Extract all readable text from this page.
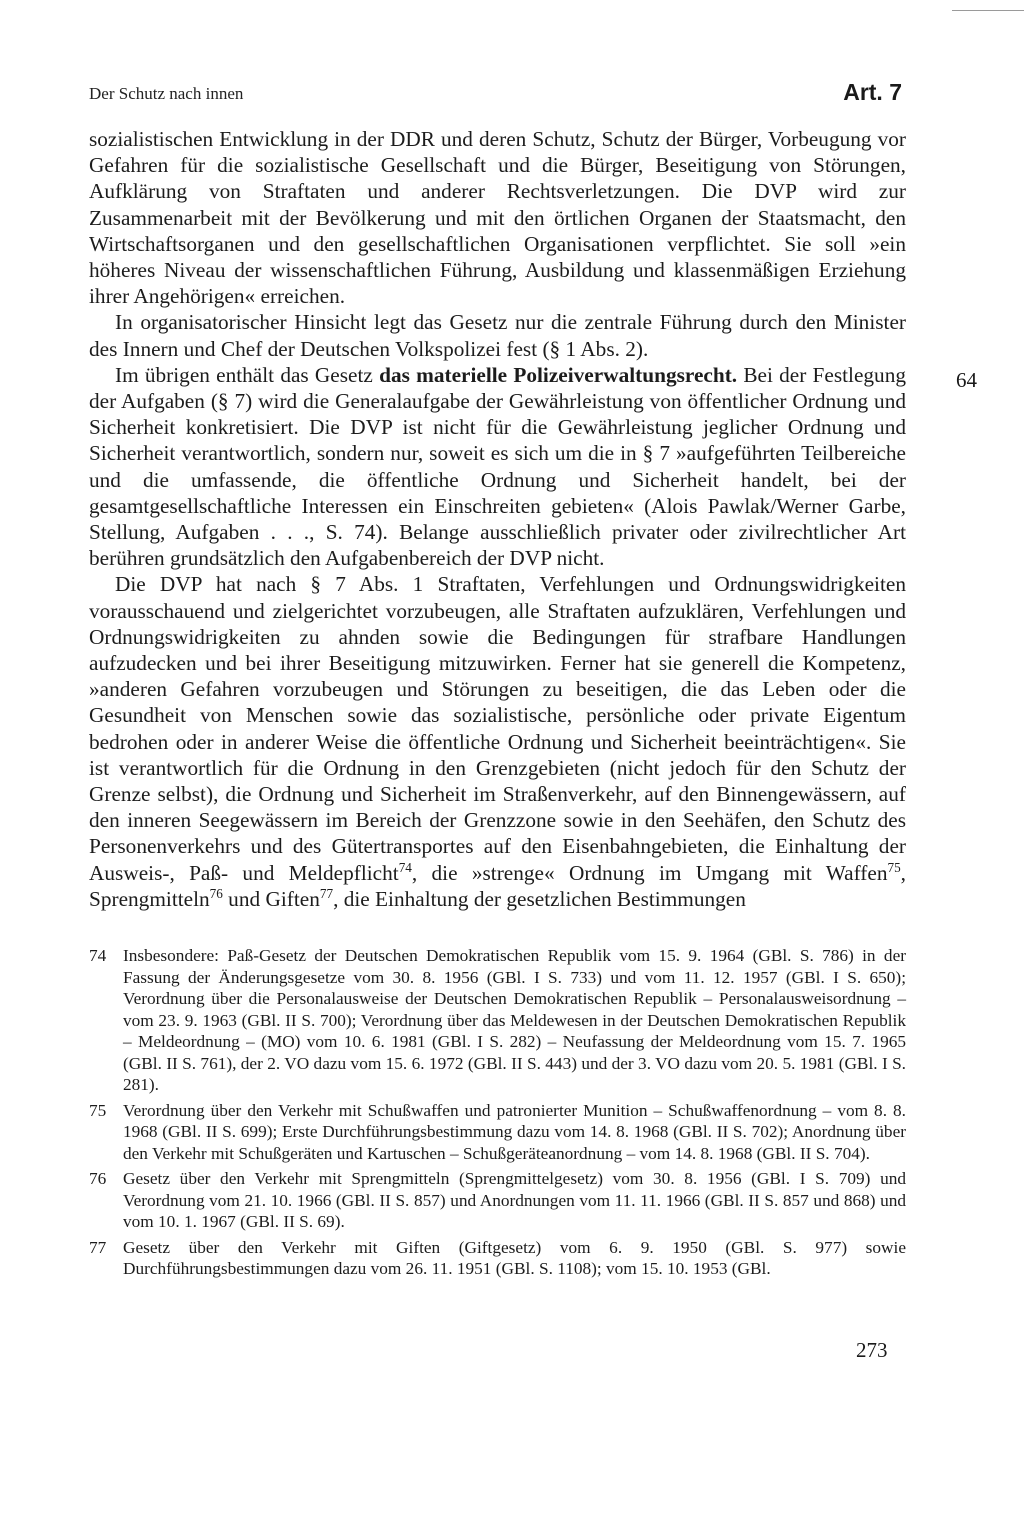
Der Schutz nach innen	Art. 7
64

sozialistischen Entwicklung in der DDR und deren Schutz, Schutz der Bürger, Vorbeugung vor Gefahren für die sozialistische Gesellschaft und die Bürger, Beseitigung von Störungen, Aufklärung von Straftaten und anderer Rechtsverletzungen. Die DVP wird zur Zusammenarbeit mit der Bevölkerung und mit den örtlichen Organen der Staatsmacht, den Wirtschaftsorganen und den gesellschaftlichen Organisationen verpflichtet. Sie soll »ein höheres Niveau der wissenschaftlichen Führung, Ausbildung und klassenmäßigen Erziehung ihrer Angehörigen« erreichen.

In organisatorischer Hinsicht legt das Gesetz nur die zentrale Führung durch den Minister des Innern und Chef der Deutschen Volkspolizei fest (§ 1 Abs. 2).

Im übrigen enthält das Gesetz das materielle Polizeiverwaltungsrecht. Bei der Festlegung der Aufgaben (§ 7) wird die Generalaufgabe der Gewährleistung von öffentlicher Ordnung und Sicherheit konkretisiert. Die DVP ist nicht für die Gewährleistung jeglicher Ordnung und Sicherheit verantwortlich, sondern nur, soweit es sich um die in § 7 »aufgeführten Teilbereiche und die umfassende, die öffentliche Ordnung und Sicherheit handelt, bei der gesamtgesellschaftliche Interessen ein Einschreiten gebieten« (Alois Pawlak/Werner Garbe, Stellung, Aufgaben . . ., S. 74). Belange ausschließlich privater oder zivilrechtlicher Art berühren grundsätzlich den Aufgabenbereich der DVP nicht.

Die DVP hat nach § 7 Abs. 1 Straftaten, Verfehlungen und Ordnungswidrigkeiten vorausschauend und zielgerichtet vorzubeugen, alle Straftaten aufzuklären, Verfehlungen und Ordnungswidrigkeiten zu ahnden sowie die Bedingungen für strafbare Handlungen aufzudecken und bei ihrer Beseitigung mitzuwirken. Ferner hat sie generell die Kompetenz, »anderen Gefahren vorzubeugen und Störungen zu beseitigen, die das Leben oder die Gesundheit von Menschen sowie das sozialistische, persönliche oder private Eigentum bedrohen oder in anderer Weise die öffentliche Ordnung und Sicherheit beeinträchtigen«. Sie ist verantwortlich für die Ordnung in den Grenzgebieten (nicht jedoch für den Schutz der Grenze selbst), die Ordnung und Sicherheit im Straßenverkehr, auf den Binnengewässern, auf den inneren Seegewässern im Bereich der Grenzzone sowie in den Seehäfen, den Schutz des Personenverkehrs und des Gütertransportes auf den Eisenbahngebieten, die Einhaltung der Ausweis-, Paß- und Meldepflicht$^{74}$, die »strenge« Ordnung im Umgang mit Waffen$^{75}$, Sprengmitteln$^{76}$ und Giften$^{77}$, die Einhaltung der gesetzlichen Bestimmungen

74 Insbesondere: Paß-Gesetz der Deutschen Demokratischen Republik vom 15. 9. 1964 (GBl. S. 786) in der Fassung der Änderungsgesetze vom 30. 8. 1956 (GBl. I S. 733) und vom 11. 12. 1957 (GBl. I S. 650); Verordnung über die Personalausweise der Deutschen Demokratischen Republik – Personalausweisordnung – vom 23. 9. 1963 (GBl. II S. 700); Verordnung über das Meldewesen in der Deutschen Demokratischen Republik – Meldeordnung – (MO) vom 10. 6. 1981 (GBl. I S. 282) – Neufassung der Meldeordnung vom 15. 7. 1965 (GBl. II S. 761), der 2. VO dazu vom 15. 6. 1972 (GBl. II S. 443) und der 3. VO dazu vom 20. 5. 1981 (GBl. I S. 281).
75 Verordnung über den Verkehr mit Schußwaffen und patronierter Munition – Schußwaffenordnung – vom 8. 8. 1968 (GBl. II S. 699); Erste Durchführungsbestimmung dazu vom 14. 8. 1968 (GBl. II S. 702); Anordnung über den Verkehr mit Schußgeräten und Kartuschen – Schußgeräteanordnung – vom 14. 8. 1968 (GBl. II S. 704).
76 Gesetz über den Verkehr mit Sprengmitteln (Sprengmittelgesetz) vom 30. 8. 1956 (GBl. I S. 709) und Verordnung vom 21. 10. 1966 (GBl. II S. 857) und Anordnungen vom 11. 11. 1966 (GBl. II S. 857 und 868) und vom 10. 1. 1967 (GBl. II S. 69).
77 Gesetz über den Verkehr mit Giften (Giftgesetz) vom 6. 9. 1950 (GBl. S. 977) sowie Durchführungsbestimmungen dazu vom 26. 11. 1951 (GBl. S. 1108); vom 15. 10. 1953 (GBl.
273
